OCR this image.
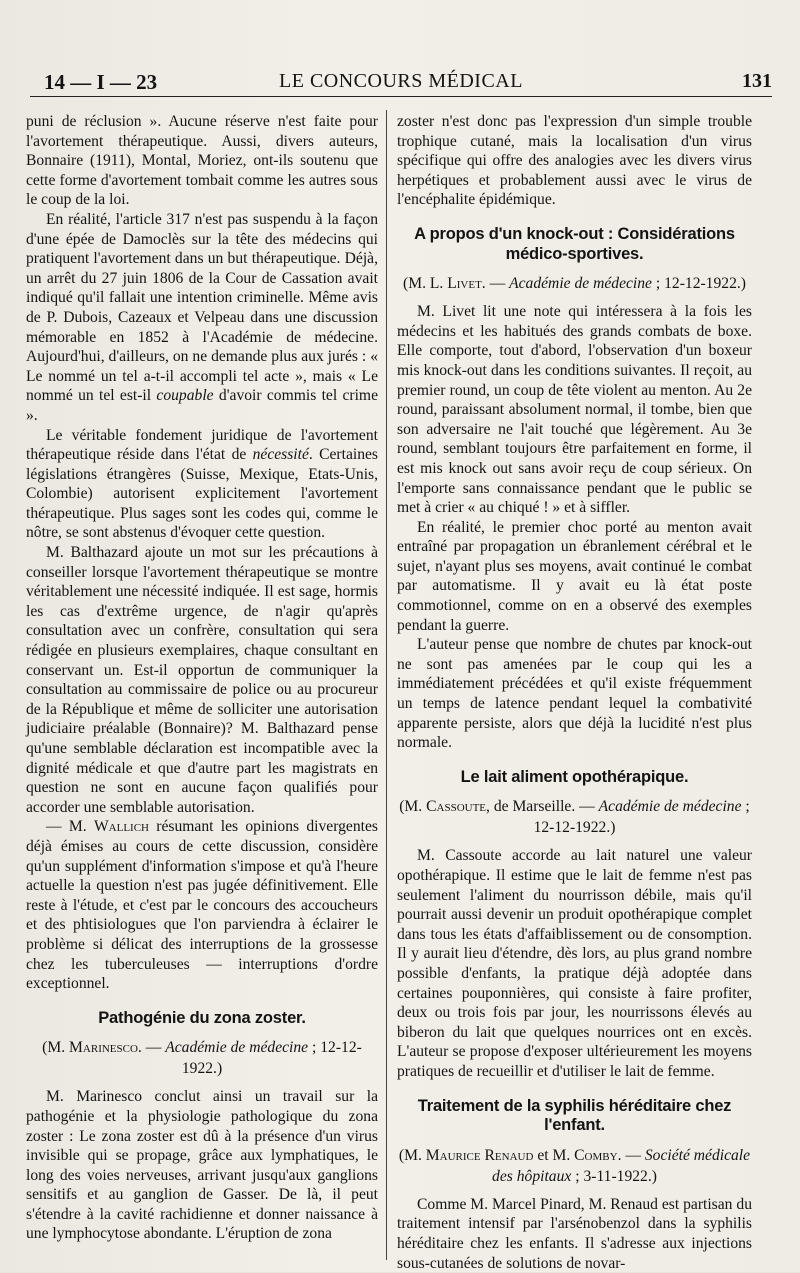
14 — I — 23	LE CONCOURS MÉDICAL	131

puni de réclusion ». Aucune réserve n'est faite pour l'avortement thérapeutique. Aussi, divers auteurs, Bonnaire (1911), Montal, Moriez, ont-ils soutenu que cette forme d'avortement tombait comme les autres sous le coup de la loi.

En réalité, l'article 317 n'est pas suspendu à la façon d'une épée de Damoclès sur la tête des médecins qui pratiquent l'avortement dans un but thérapeutique. Déjà, un arrêt du 27 juin 1806 de la Cour de Cassation avait indiqué qu'il fallait une intention criminelle. Même avis de P. Dubois, Cazeaux et Velpeau dans une discussion mémorable en 1852 à l'Académie de médecine. Aujourd'hui, d'ailleurs, on ne demande plus aux jurés : « Le nommé un tel a-t-il accompli tel acte », mais « Le nommé un tel est-il coupable d'avoir commis tel crime ».

Le véritable fondement juridique de l'avortement thérapeutique réside dans l'état de nécessité. Certaines législations étrangères (Suisse, Mexique, Etats-Unis, Colombie) autorisent explicitement l'avortement thérapeutique. Plus sages sont les codes qui, comme le nôtre, se sont abstenus d'évoquer cette question.

M. Balthazard ajoute un mot sur les précautions à conseiller lorsque l'avortement thérapeutique se montre véritablement une nécessité indiquée. Il est sage, hormis les cas d'extrême urgence, de n'agir qu'après consultation avec un confrère, consultation qui sera rédigée en plusieurs exemplaires, chaque consultant en conservant un. Est-il opportun de communiquer la consultation au commissaire de police ou au procureur de la République et même de solliciter une autorisation judiciaire préalable (Bonnaire)? M. Balthazard pense qu'une semblable déclaration est incompatible avec la dignité médicale et que d'autre part les magistrats en question ne sont en aucune façon qualifiés pour accorder une semblable autorisation.

— M. Wallich résumant les opinions divergentes déjà émises au cours de cette discussion, considère qu'un supplément d'information s'impose et qu'à l'heure actuelle la question n'est pas jugée définitivement. Elle reste à l'étude, et c'est par le concours des accoucheurs et des phtisiologues que l'on parviendra à éclairer le problème si délicat des interruptions de la grossesse chez les tuberculeuses — interruptions d'ordre exceptionnel.

Pathogénie du zona zoster.

(M. Marinesco. — Académie de médecine ; 12-12-1922.)

M. Marinesco conclut ainsi un travail sur la pathogénie et la physiologie pathologique du zona zoster : Le zona zoster est dû à la présence d'un virus invisible qui se propage, grâce aux lymphatiques, le long des voies nerveuses, arrivant jusqu'aux ganglions sensitifs et au ganglion de Gasser. De là, il peut s'étendre à la cavité rachidienne et donner naissance à une lymphocytose abondante. L'éruption de zona

zoster n'est donc pas l'expression d'un simple trouble trophique cutané, mais la localisation d'un virus spécifique qui offre des analogies avec les divers virus herpétiques et probablement aussi avec le virus de l'encéphalite épidémique.

A propos d'un knock-out : Considérations médico-sportives.

(M. L. Livet. — Académie de médecine ; 12-12-1922.)

M. Livet lit une note qui intéressera à la fois les médecins et les habitués des grands combats de boxe. Elle comporte, tout d'abord, l'observation d'un boxeur mis knock-out dans les conditions suivantes. Il reçoit, au premier round, un coup de tête violent au menton. Au 2e round, paraissant absolument normal, il tombe, bien que son adversaire ne l'ait touché que légèrement. Au 3e round, semblant toujours être parfaitement en forme, il est mis knock out sans avoir reçu de coup sérieux. On l'emporte sans connaissance pendant que le public se met à crier « au chiqué ! » et à siffler.

En réalité, le premier choc porté au menton avait entraîné par propagation un ébranlement cérébral et le sujet, n'ayant plus ses moyens, avait continué le combat par automatisme. Il y avait eu là état poste commotionnel, comme on en a observé des exemples pendant la guerre.

L'auteur pense que nombre de chutes par knock-out ne sont pas amenées par le coup qui les a immédiatement précédées et qu'il existe fréquemment un temps de latence pendant lequel la combativité apparente persiste, alors que déjà la lucidité n'est plus normale.

Le lait aliment opothérapique.

(M. Cassoute, de Marseille. — Académie de médecine ; 12-12-1922.)

M. Cassoute accorde au lait naturel une valeur opothérapique. Il estime que le lait de femme n'est pas seulement l'aliment du nourrisson débile, mais qu'il pourrait aussi devenir un produit opothérapique complet dans tous les états d'affaiblissement ou de consomption. Il y aurait lieu d'étendre, dès lors, au plus grand nombre possible d'enfants, la pratique déjà adoptée dans certaines pouponnières, qui consiste à faire profiter, deux ou trois fois par jour, les nourrissons élevés au biberon du lait que quelques nourrices ont en excès. L'auteur se propose d'exposer ultérieurement les moyens pratiques de recueillir et d'utiliser le lait de femme.

Traitement de la syphilis héréditaire chez l'enfant.

(M. Maurice Renaud et M. Comby. — Société médicale des hôpitaux ; 3-11-1922.)

Comme M. Marcel Pinard, M. Renaud est partisan du traitement intensif par l'arsénobenzol dans la syphilis héréditaire chez les enfants. Il s'adresse aux injections sous-cutanées de solutions de novar-
